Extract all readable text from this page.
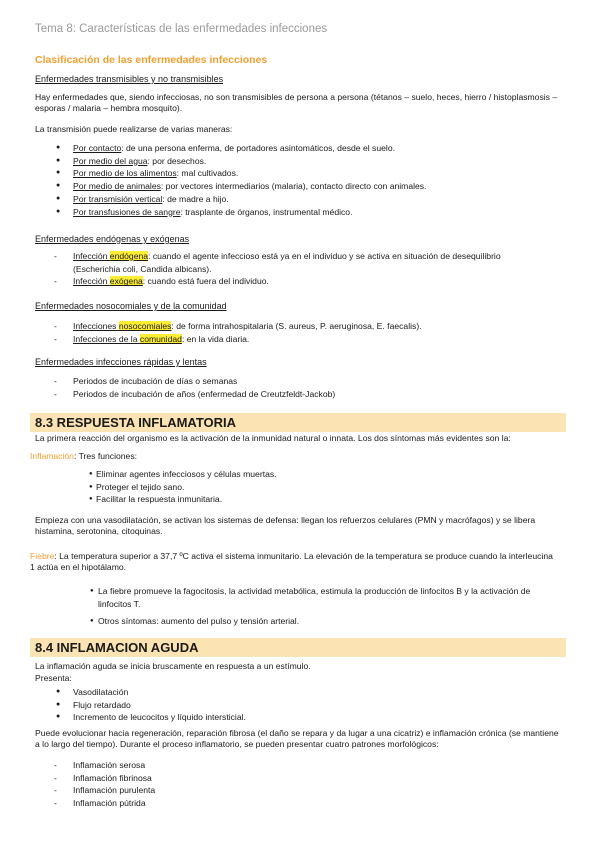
Tema 8: Características de las enfermedades infecciones
Clasificación de las enfermedades infecciones
Enfermedades transmisibles y no transmisibles
Hay enfermedades que, siendo infecciosas, no son transmisibles de persona a persona (tétanos – suelo, heces, hierro / histoplasmosis – esporas / malaria – hembra mosquito).
La transmisión puede realizarse de varias maneras:
● Por contacto: de una persona enferma, de portadores asintomáticos, desde el suelo.
● Por medio del agua: por desechos.
● Por medio de los alimentos: mal cultivados.
● Por medio de animales: por vectores intermediarios (malaria), contacto directo con animales.
● Por transmisión vertical: de madre a hijo.
● Por transfusiones de sangre: trasplante de órganos, instrumental médico.
Enfermedades endógenas y exógenas
- Infección endógena: cuando el agente infeccioso está ya en el individuo y se activa en situación de desequilibrio (Escherichia coli, Candida albicans).
- Infección exógena: cuando está fuera del individuo.
Enfermedades nosocomiales y de la comunidad
- Infecciones nosocomiales: de forma intrahospitalaria (S. aureus, P. aeruginosa, E. faecalis).
- Infecciones de la comunidad: en la vida diaria.
Enfermedades infecciones rápidas y lentas
- Periodos de incubación de días o semanas
- Periodos de incubación de años (enfermedad de Creutzfeldt-Jackob)
8.3 RESPUESTA INFLAMATORIA
La primera reacción del organismo es la activación de la inmunidad natural o innata. Los dos síntomas más evidentes son la:
Inflamación: Tres funciones:
● Eliminar agentes infecciosos y células muertas.
● Proteger el tejido sano.
● Facilitar la respuesta inmunitaria.
Empieza con una vasodilatación, se activan los sistemas de defensa: llegan los refuerzos celulares (PMN y macrófagos) y se libera histamina, serotonina, citoquinas.
Fiebre: La temperatura superior a 37,7 ºC activa el sistema inmunitario. La elevación de la temperatura se produce cuando la interleucina 1 actúa en el hipotálamo.
● La fiebre promueve la fagocitosis, la actividad metabólica, estimula la producción de linfocitos B y la activación de linfocitos T.
● Otros síntomas: aumento del pulso y tensión arterial.
8.4 INFLAMACION AGUDA
La inflamación aguda se inicia bruscamente en respuesta a un estímulo.
Presenta:
● Vasodilatación
● Flujo retardado
● Incremento de leucocitos y líquido intersticial.
Puede evolucionar hacia regeneración, reparación fibrosa (el daño se repara y da lugar a una cicatriz) e inflamación crónica (se mantiene a lo largo del tiempo). Durante el proceso inflamatorio, se pueden presentar cuatro patrones morfológicos:
- Inflamación serosa
- Inflamación fibrinosa
- Inflamación purulenta
- Inflamación pútrida
